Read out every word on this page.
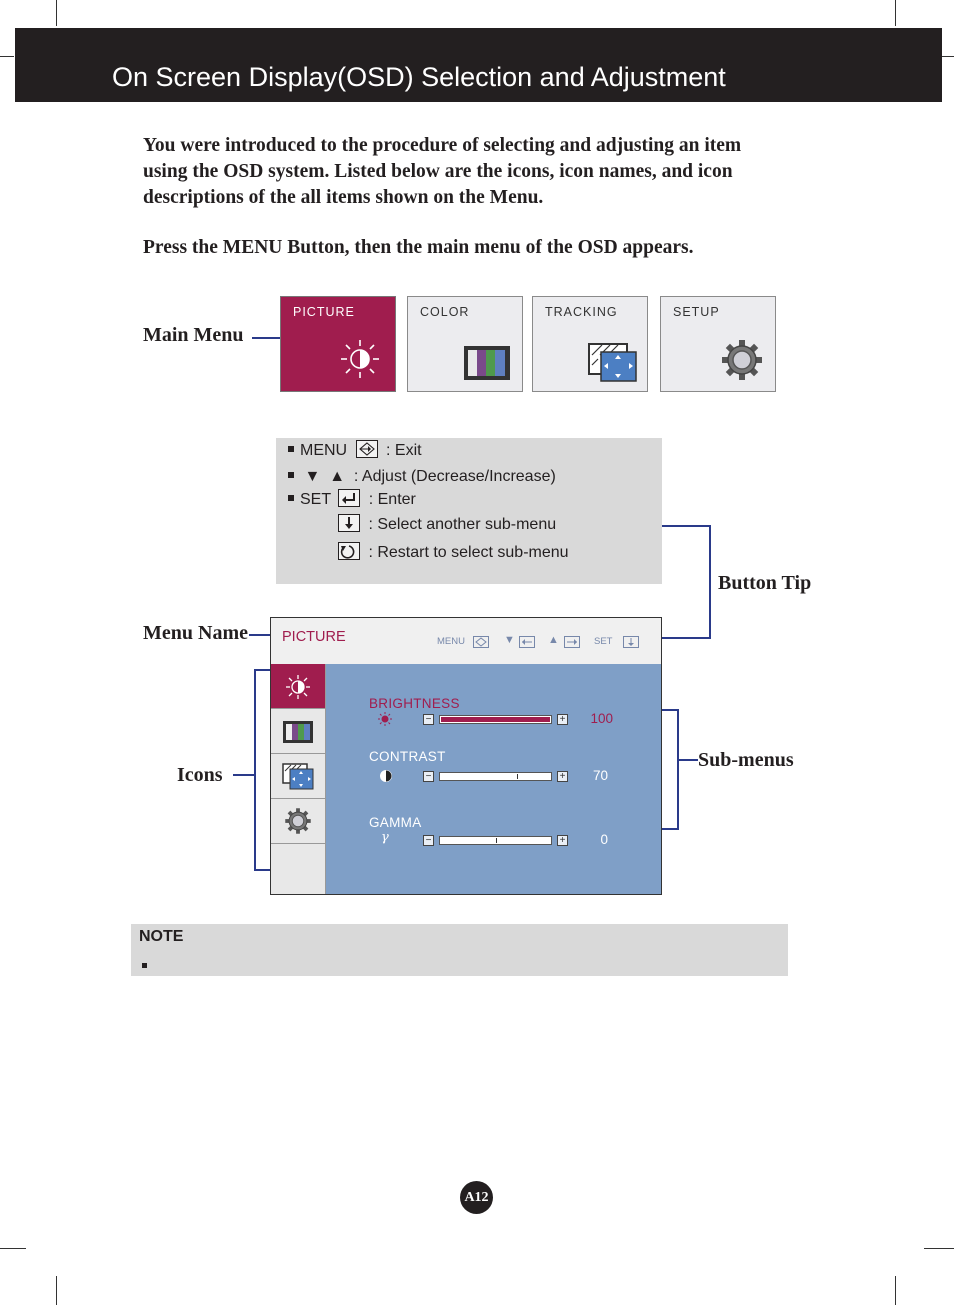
On Screen Display(OSD) Selection and Adjustment
You were introduced to the procedure of selecting and adjusting an item using the OSD system. Listed below are the icons, icon names, and icon descriptions of the all items shown on the Menu.
Press the MENU Button, then the main menu of the OSD appears.
Main Menu
PICTURE	COLOR	TRACKING	SETUP
MENU : Exit
▼ ▲ : Adjust (Decrease/Increase)
SET : Enter
: Select another sub-menu
: Restart to select sub-menu
Button Tip
Menu Name
Icons
Sub-menus
PICTURE	MENU	▼	▲	SET
BRIGHTNESS
−	+	100
CONTRAST
−	+	70
GAMMA
γ	−	+	0
NOTE
A12
